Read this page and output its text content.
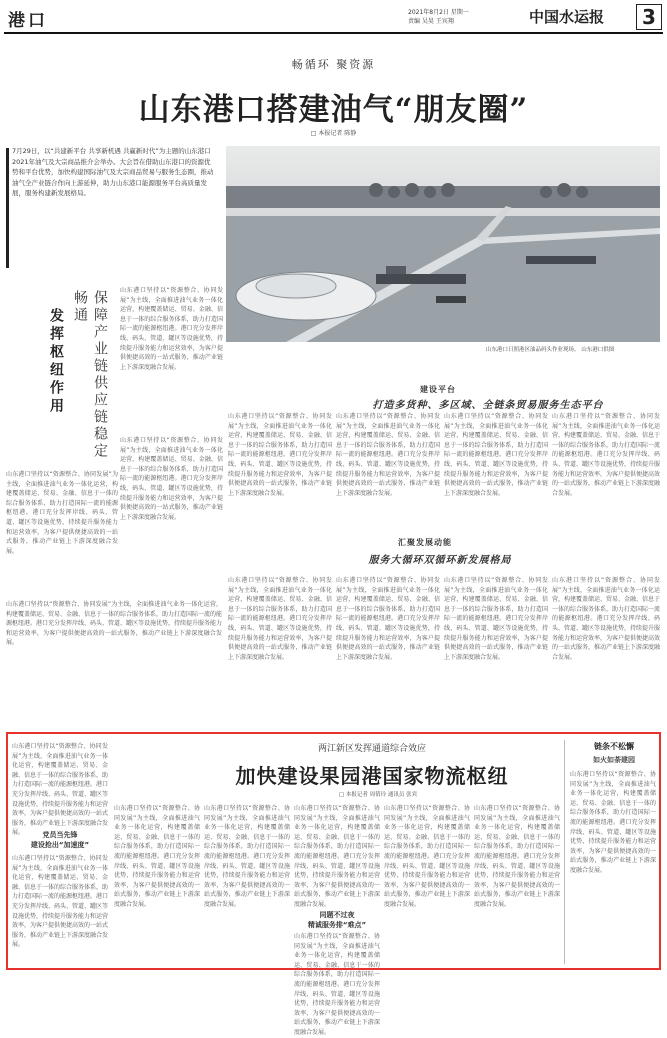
港口	2021年8月2日 星期一
责编 吴昊 王宾翔	中国水运报	3
畅循环 聚资源
山东港口搭建油气“朋友圈”
□ 本报记者 陈静
7月29日，以“共建新平台 共享新机遇 共赢新时代”为主题的山东港口2021年油气及大宗商品推介会举办。大会旨在借助山东港口的资源优势和平台优势，加快构建国际油气及大宗商品贸易与服务生态圈，推动油气全产业链合作向上游延伸，助力山东港口能源服务平台高质量发展，服务构建新发展格局。
山东港口日照港区油品码头作业现场。 山东港口供图
保障产业链供应链稳定畅通
发挥枢纽作用
山东港口坚持以“资源整合、协同发展”为主线，全面推进油气业务一体化运营，构建覆盖储运、贸易、金融、信息于一体的综合服务体系，助力打造国际一流的能源枢纽港。港口充分发挥岸线、码头、管道、罐区等设施优势，持续提升服务能力和运营效率，为客户提供便捷高效的一站式服务，推动产业链上下游深度融合发展。
山东港口坚持以“资源整合、协同发展”为主线，全面推进油气业务一体化运营，构建覆盖储运、贸易、金融、信息于一体的综合服务体系，助力打造国际一流的能源枢纽港。港口充分发挥岸线、码头、管道、罐区等设施优势，持续提升服务能力和运营效率，为客户提供便捷高效的一站式服务，推动产业链上下游深度融合发展。
山东港口坚持以“资源整合、协同发展”为主线，全面推进油气业务一体化运营，构建覆盖储运、贸易、金融、信息于一体的综合服务体系，助力打造国际一流的能源枢纽港。港口充分发挥岸线、码头、管道、罐区等设施优势，持续提升服务能力和运营效率，为客户提供便捷高效的一站式服务，推动产业链上下游深度融合发展。
建设平台
打造多货种、多区域、全链条贸易服务生态平台
山东港口坚持以“资源整合、协同发展”为主线，全面推进油气业务一体化运营，构建覆盖储运、贸易、金融、信息于一体的综合服务体系，助力打造国际一流的能源枢纽港。港口充分发挥岸线、码头、管道、罐区等设施优势，持续提升服务能力和运营效率，为客户提供便捷高效的一站式服务，推动产业链上下游深度融合发展。
山东港口坚持以“资源整合、协同发展”为主线，全面推进油气业务一体化运营，构建覆盖储运、贸易、金融、信息于一体的综合服务体系，助力打造国际一流的能源枢纽港。港口充分发挥岸线、码头、管道、罐区等设施优势，持续提升服务能力和运营效率，为客户提供便捷高效的一站式服务，推动产业链上下游深度融合发展。
山东港口坚持以“资源整合、协同发展”为主线，全面推进油气业务一体化运营，构建覆盖储运、贸易、金融、信息于一体的综合服务体系，助力打造国际一流的能源枢纽港。港口充分发挥岸线、码头、管道、罐区等设施优势，持续提升服务能力和运营效率，为客户提供便捷高效的一站式服务，推动产业链上下游深度融合发展。
山东港口坚持以“资源整合、协同发展”为主线，全面推进油气业务一体化运营，构建覆盖储运、贸易、金融、信息于一体的综合服务体系，助力打造国际一流的能源枢纽港。港口充分发挥岸线、码头、管道、罐区等设施优势，持续提升服务能力和运营效率，为客户提供便捷高效的一站式服务，推动产业链上下游深度融合发展。
汇聚发展动能
服务大循环双循环新发展格局
山东港口坚持以“资源整合、协同发展”为主线，全面推进油气业务一体化运营，构建覆盖储运、贸易、金融、信息于一体的综合服务体系，助力打造国际一流的能源枢纽港。港口充分发挥岸线、码头、管道、罐区等设施优势，持续提升服务能力和运营效率，为客户提供便捷高效的一站式服务，推动产业链上下游深度融合发展。
山东港口坚持以“资源整合、协同发展”为主线，全面推进油气业务一体化运营，构建覆盖储运、贸易、金融、信息于一体的综合服务体系，助力打造国际一流的能源枢纽港。港口充分发挥岸线、码头、管道、罐区等设施优势，持续提升服务能力和运营效率，为客户提供便捷高效的一站式服务，推动产业链上下游深度融合发展。
山东港口坚持以“资源整合、协同发展”为主线，全面推进油气业务一体化运营，构建覆盖储运、贸易、金融、信息于一体的综合服务体系，助力打造国际一流的能源枢纽港。港口充分发挥岸线、码头、管道、罐区等设施优势，持续提升服务能力和运营效率，为客户提供便捷高效的一站式服务，推动产业链上下游深度融合发展。
山东港口坚持以“资源整合、协同发展”为主线，全面推进油气业务一体化运营，构建覆盖储运、贸易、金融、信息于一体的综合服务体系，助力打造国际一流的能源枢纽港。港口充分发挥岸线、码头、管道、罐区等设施优势，持续提升服务能力和运营效率，为客户提供便捷高效的一站式服务，推动产业链上下游深度融合发展。
山东港口坚持以“资源整合、协同发展”为主线，全面推进油气业务一体化运营，构建覆盖储运、贸易、金融、信息于一体的综合服务体系，助力打造国际一流的能源枢纽港。港口充分发挥岸线、码头、管道、罐区等设施优势，持续提升服务能力和运营效率，为客户提供便捷高效的一站式服务，推动产业链上下游深度融合发展。
两江新区发挥通道综合效应
加快建设果园港国家物流枢纽
□ 本报记者 周倩玲 通讯员 张宾
链条不松懈
如火如荼建园
山东港口坚持以“资源整合、协同发展”为主线，全面推进油气业务一体化运营，构建覆盖储运、贸易、金融、信息于一体的综合服务体系，助力打造国际一流的能源枢纽港。港口充分发挥岸线、码头、管道、罐区等设施优势，持续提升服务能力和运营效率，为客户提供便捷高效的一站式服务，推动产业链上下游深度融合发展。	党员当先锋
建设抢出“加速度”
山东港口坚持以“资源整合、协同发展”为主线，全面推进油气业务一体化运营，构建覆盖储运、贸易、金融、信息于一体的综合服务体系，助力打造国际一流的能源枢纽港。港口充分发挥岸线、码头、管道、罐区等设施优势，持续提升服务能力和运营效率，为客户提供便捷高效的一站式服务，推动产业链上下游深度融合发展。
山东港口坚持以“资源整合、协同发展”为主线，全面推进油气业务一体化运营，构建覆盖储运、贸易、金融、信息于一体的综合服务体系，助力打造国际一流的能源枢纽港。港口充分发挥岸线、码头、管道、罐区等设施优势，持续提升服务能力和运营效率，为客户提供便捷高效的一站式服务，推动产业链上下游深度融合发展。
山东港口坚持以“资源整合、协同发展”为主线，全面推进油气业务一体化运营，构建覆盖储运、贸易、金融、信息于一体的综合服务体系，助力打造国际一流的能源枢纽港。港口充分发挥岸线、码头、管道、罐区等设施优势，持续提升服务能力和运营效率，为客户提供便捷高效的一站式服务，推动产业链上下游深度融合发展。
山东港口坚持以“资源整合、协同发展”为主线，全面推进油气业务一体化运营，构建覆盖储运、贸易、金融、信息于一体的综合服务体系，助力打造国际一流的能源枢纽港。港口充分发挥岸线、码头、管道、罐区等设施优势，持续提升服务能力和运营效率，为客户提供便捷高效的一站式服务，推动产业链上下游深度融合发展。
同题不过夜
精诚服务排“难点”
山东港口坚持以“资源整合、协同发展”为主线，全面推进油气业务一体化运营，构建覆盖储运、贸易、金融、信息于一体的综合服务体系，助力打造国际一流的能源枢纽港。港口充分发挥岸线、码头、管道、罐区等设施优势，持续提升服务能力和运营效率，为客户提供便捷高效的一站式服务，推动产业链上下游深度融合发展。
山东港口坚持以“资源整合、协同发展”为主线，全面推进油气业务一体化运营，构建覆盖储运、贸易、金融、信息于一体的综合服务体系，助力打造国际一流的能源枢纽港。港口充分发挥岸线、码头、管道、罐区等设施优势，持续提升服务能力和运营效率，为客户提供便捷高效的一站式服务，推动产业链上下游深度融合发展。
山东港口坚持以“资源整合、协同发展”为主线，全面推进油气业务一体化运营，构建覆盖储运、贸易、金融、信息于一体的综合服务体系，助力打造国际一流的能源枢纽港。港口充分发挥岸线、码头、管道、罐区等设施优势，持续提升服务能力和运营效率，为客户提供便捷高效的一站式服务，推动产业链上下游深度融合发展。
山东港口坚持以“资源整合、协同发展”为主线，全面推进油气业务一体化运营，构建覆盖储运、贸易、金融、信息于一体的综合服务体系，助力打造国际一流的能源枢纽港。港口充分发挥岸线、码头、管道、罐区等设施优势，持续提升服务能力和运营效率，为客户提供便捷高效的一站式服务，推动产业链上下游深度融合发展。
